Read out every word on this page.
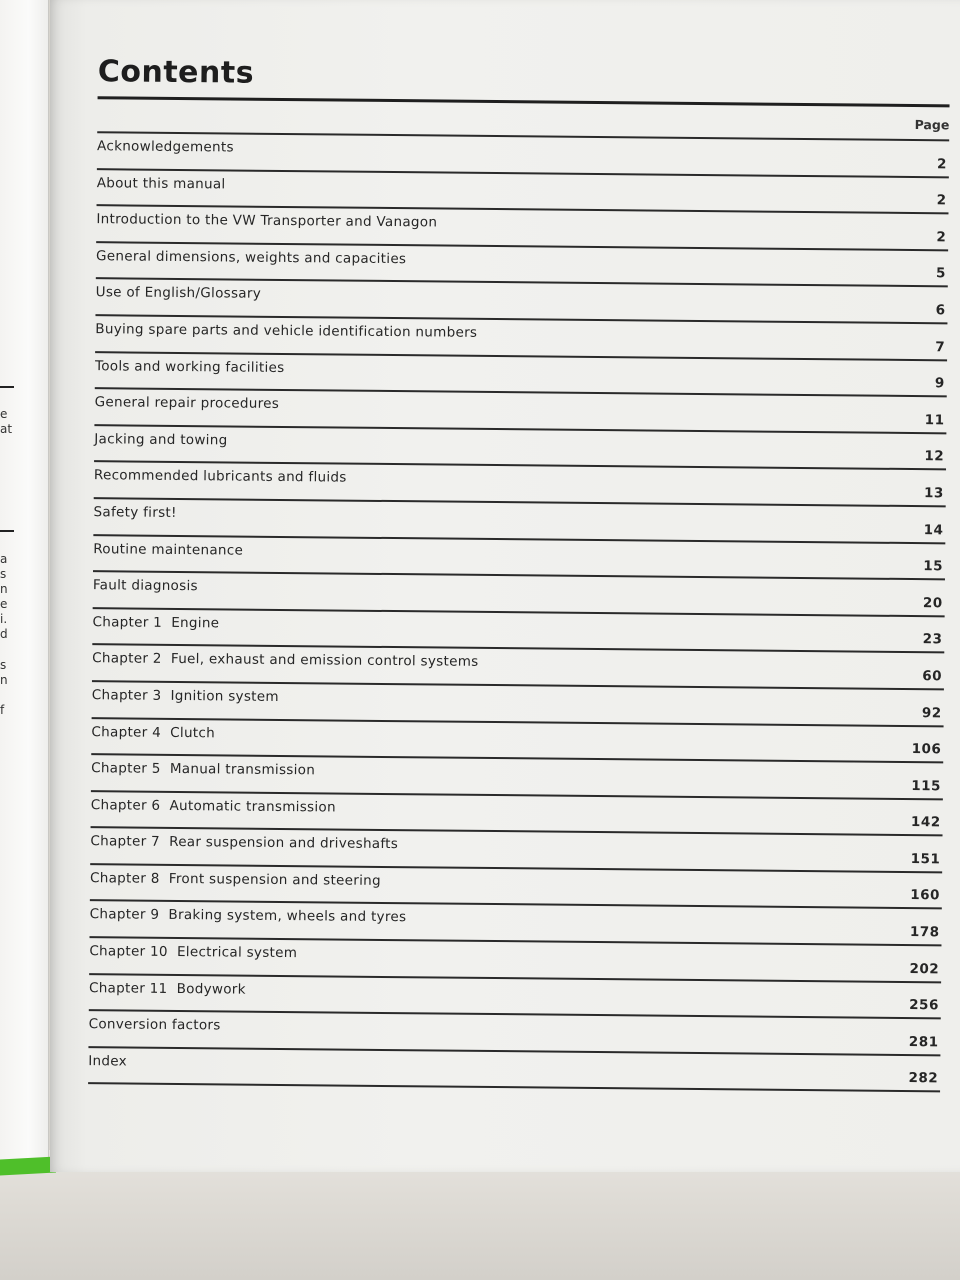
e
at
a
s
n
e
i.
d
s
n
f
Contents
Page
Acknowledgements
2
About this manual
2
Introduction to the VW Transporter and Vanagon
2
General dimensions, weights and capacities
5
Use of English/Glossary
6
Buying spare parts and vehicle identification numbers
7
Tools and working facilities
9
General repair procedures
11
Jacking and towing
12
Recommended lubricants and fluids
13
Safety first!
14
Routine maintenance
15
Fault diagnosis
20
Chapter 1  Engine
23
Chapter 2  Fuel, exhaust and emission control systems
60
Chapter 3  Ignition system
92
Chapter 4  Clutch
106
Chapter 5  Manual transmission
115
Chapter 6  Automatic transmission
142
Chapter 7  Rear suspension and driveshafts
151
Chapter 8  Front suspension and steering
160
Chapter 9  Braking system, wheels and tyres
178
Chapter 10  Electrical system
202
Chapter 11  Bodywork
256
Conversion factors
281
Index
282
